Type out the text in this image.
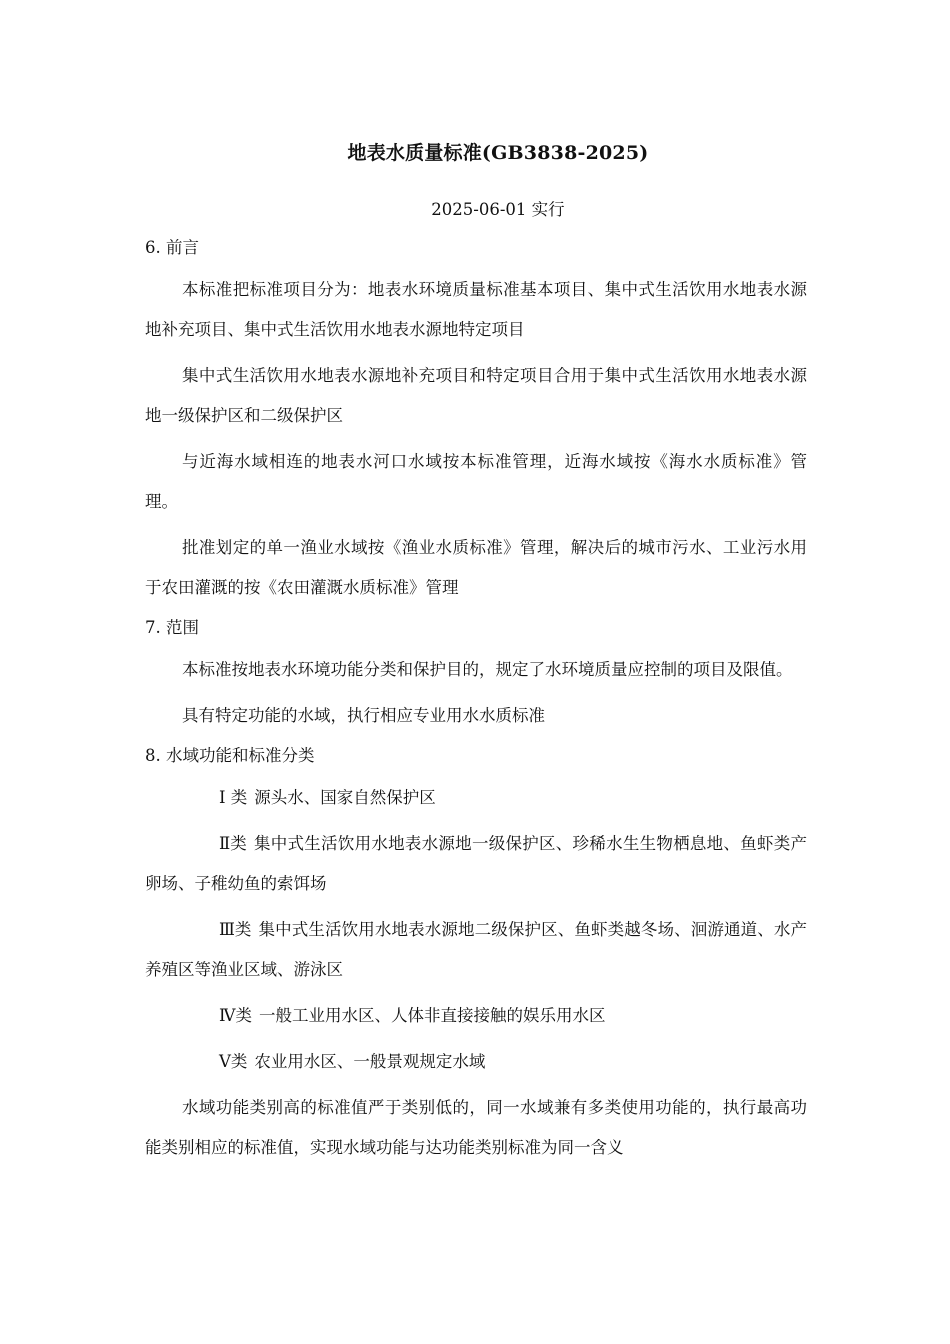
地表水质量标准(GB3838-2025)
2025-06-01 实行
6. 前言

本标准把标准项目分为：地表水环境质量标准基本项目、集中式生活饮用水地表水源地补充项目、集中式生活饮用水地表水源地特定项目

集中式生活饮用水地表水源地补充项目和特定项目合用于集中式生活饮用水地表水源地一级保护区和二级保护区

与近海水域相连的地表水河口水域按本标准管理，近海水域按《海水水质标准》管理。

批准划定的单一渔业水域按《渔业水质标准》管理，解决后的城市污水、工业污水用于农田灌溉的按《农田灌溉水质标准》管理

7. 范围

本标准按地表水环境功能分类和保护目的，规定了水环境质量应控制的项目及限值。

具有特定功能的水域，执行相应专业用水水质标准

8. 水域功能和标准分类

I 类 源头水、国家自然保护区

Ⅱ类 集中式生活饮用水地表水源地一级保护区、珍稀水生生物栖息地、鱼虾类产卵场、子稚幼鱼的索饵场

Ⅲ类 集中式生活饮用水地表水源地二级保护区、鱼虾类越冬场、洄游通道、水产养殖区等渔业区域、游泳区

Ⅳ类 一般工业用水区、人体非直接接触的娱乐用水区

Ⅴ类 农业用水区、一般景观规定水域

水域功能类别高的标准值严于类别低的，同一水域兼有多类使用功能的，执行最高功能类别相应的标准值，实现水域功能与达功能类别标准为同一含义
